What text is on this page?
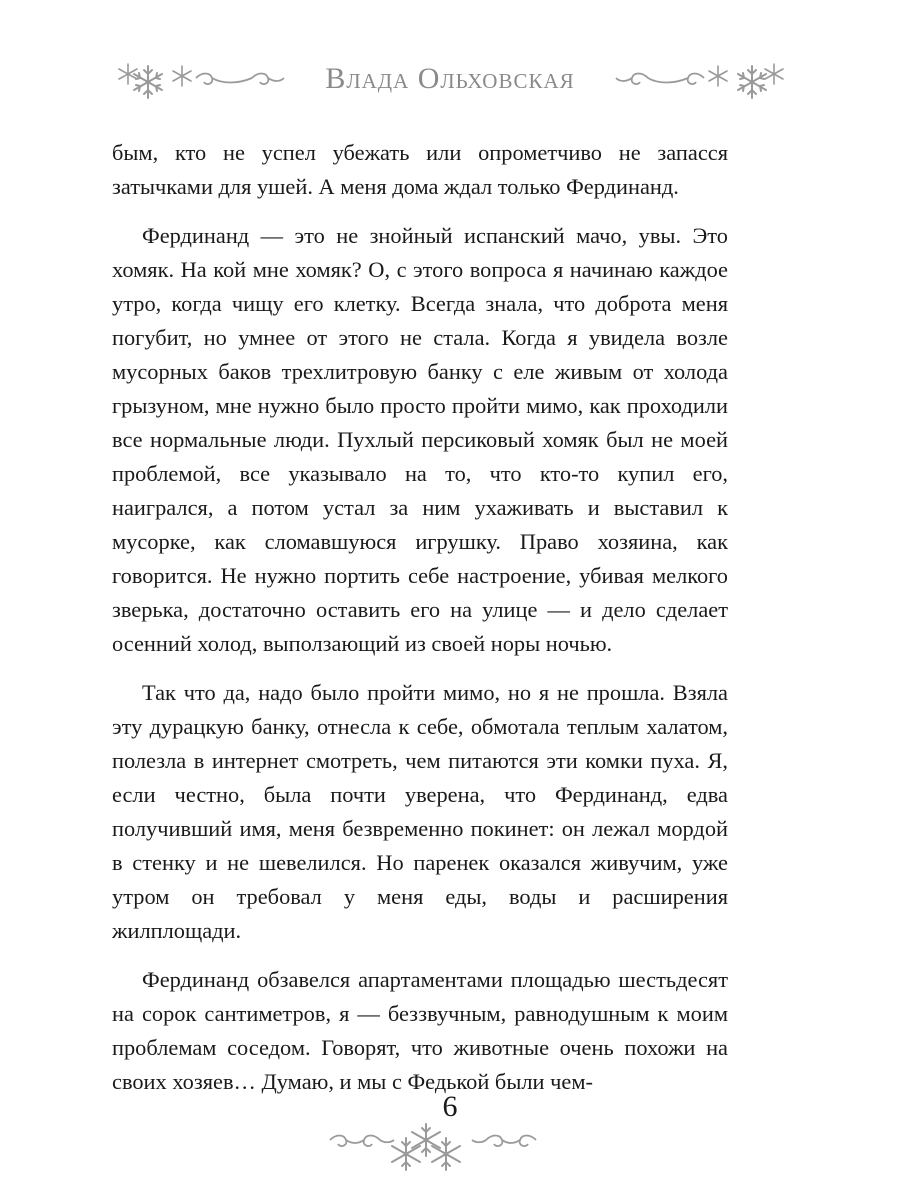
Влада Ольховская

бым, кто не успел убежать или опрометчиво не запасся затычками для ушей. А меня дома ждал только Фердинанд.

Фердинанд — это не знойный испанский мачо, увы. Это хомяк. На кой мне хомяк? О, с этого вопроса я начинаю каждое утро, когда чищу его клетку. Всегда знала, что доброта меня погубит, но умнее от этого не стала. Когда я увидела возле мусорных баков трехлитровую банку с еле живым от холода грызуном, мне нужно было просто пройти мимо, как проходили все нормальные люди. Пухлый персиковый хомяк был не моей проблемой, все указывало на то, что кто-то купил его, наигрался, а потом устал за ним ухаживать и выставил к мусорке, как сломавшуюся игрушку. Право хозяина, как говорится. Не нужно портить себе настроение, убивая мелкого зверька, достаточно оставить его на улице — и дело сделает осенний холод, выползающий из своей норы ночью.

Так что да, надо было пройти мимо, но я не прошла. Взяла эту дурацкую банку, отнесла к себе, обмотала теплым халатом, полезла в интернет смотреть, чем питаются эти комки пуха. Я, если честно, была почти уверена, что Фердинанд, едва получивший имя, меня безвременно покинет: он лежал мордой в стенку и не шевелился. Но паренек оказался живучим, уже утром он требовал у меня еды, воды и расширения жилплощади.

Фердинанд обзавелся апартаментами площадью шестьдесят на сорок сантиметров, я — беззвучным, равнодушным к моим проблемам соседом. Говорят, что животные очень похожи на своих хозяев… Думаю, и мы с Федькой были чем-

6
